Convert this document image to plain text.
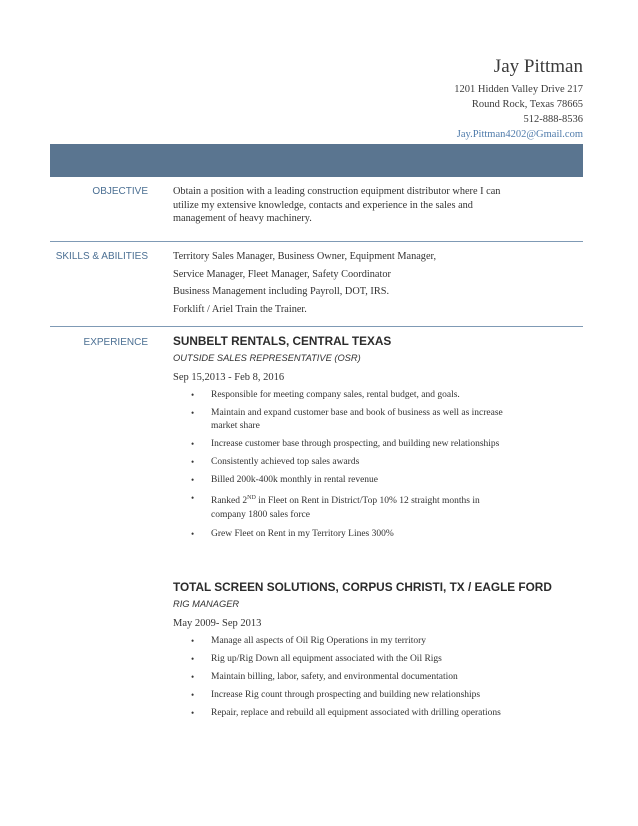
Jay Pittman
1201 Hidden Valley Drive 217
Round Rock, Texas 78665
512-888-8536
Jay.Pittman4202@Gmail.com
OBJECTIVE Obtain a position with a leading construction equipment distributor where I can
utilize my extensive knowledge, contacts and experience in the sales and
management of heavy machinery.
SKILLS & ABILITIES Territory Sales Manager, Business Owner, Equipment Manager,
Service Manager, Fleet Manager, Safety Coordinator
Business Management including Payroll, DOT, IRS.
Forklift / Ariel Train the Trainer.
EXPERIENCE SUNBELT RENTALS, CENTRAL TEXAS
OUTSIDE SALES REPRESENTATIVE (OSR)
Sep 15,2013 - Feb 8, 2016
• Responsible for meeting company sales, rental budget, and goals.
• Maintain and expand customer base and book of business as well as increase market share
• Increase customer base through prospecting, and building new relationships
• Consistently achieved top sales awards
• Billed 200k-400k monthly in rental revenue
• Ranked 2ND in Fleet on Rent in District/Top 10% 12 straight months in company 1800 sales force
• Grew Fleet on Rent in my Territory Lines 300%
TOTAL SCREEN SOLUTIONS, CORPUS CHRISTI, TX / EAGLE FORD
RIG MANAGER
May 2009- Sep 2013
• Manage all aspects of Oil Rig Operations in my territory
• Rig up/Rig Down all equipment associated with the Oil Rigs
• Maintain billing, labor, safety, and environmental documentation
• Increase Rig count through prospecting and building new relationships
• Repair, replace and rebuild all equipment associated with drilling operations
